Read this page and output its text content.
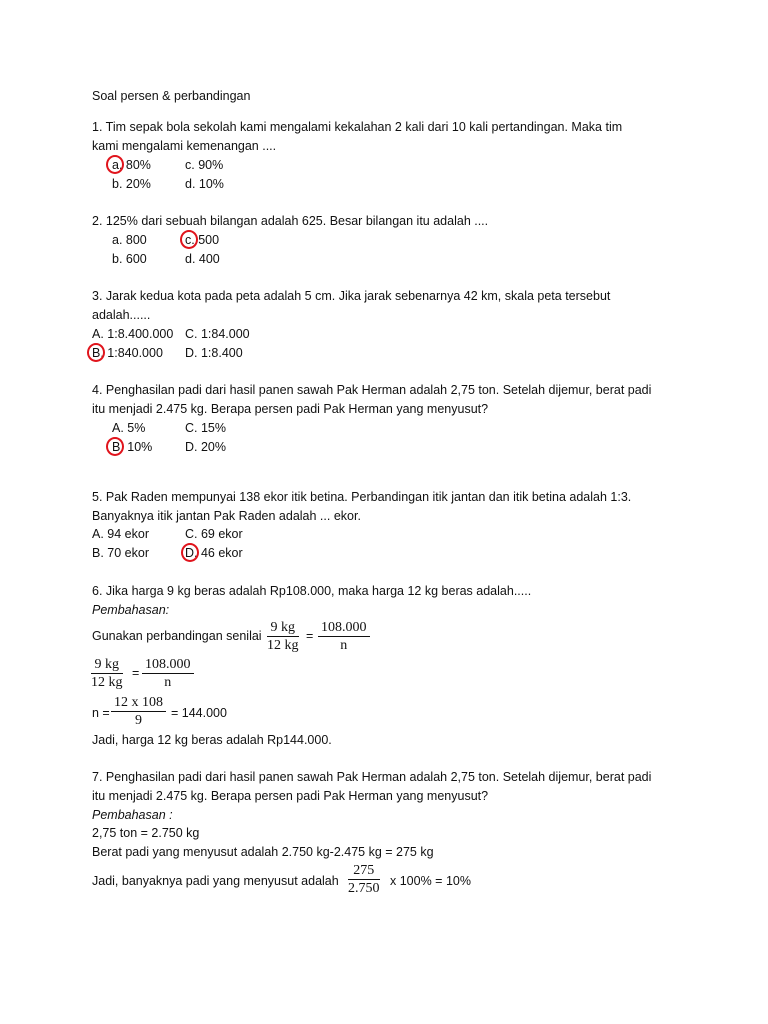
Soal persen & perbandingan
1. Tim sepak bola sekolah kami mengalami kekalahan 2 kali dari 10 kali pertandingan. Maka tim
kami mengalami kemenangan ....
a. 80%	c. 90%
b. 20%	d. 10%
2. 125% dari sebuah bilangan adalah 625. Besar bilangan itu adalah ....
a. 800	c. 500
b. 600	d. 400
3. Jarak kedua kota pada peta adalah 5 cm. Jika jarak sebenarnya 42 km, skala peta tersebut
adalah......
A. 1:8.400.000 C. 1:84.000
B. 1:840.000 D. 1:8.400
4. Penghasilan padi dari hasil panen sawah Pak Herman adalah 2,75 ton. Setelah dijemur, berat padi
itu menjadi 2.475 kg. Berapa persen padi Pak Herman yang menyusut?
A. 5%	C. 15%
B. 10%	D. 20%
5. Pak Raden mempunyai 138 ekor itik betina. Perbandingan itik jantan dan itik betina adalah 1:3.
Banyaknya itik jantan Pak Raden adalah ... ekor.
A. 94 ekor	C. 69 ekor
B. 70 ekor	D. 46 ekor
6. Jika harga 9 kg beras adalah Rp108.000, maka harga 12 kg beras adalah.....
Pembahasan:
Gunakan perbandingan senilai $\frac{9 kg}{12 kg} = \frac{108.000}{n}$
$\frac{9 kg}{12 kg} = \frac{108.000}{n}$
$n = \frac{12 x 108}{9} = 144.000$
Jadi, harga 12 kg beras adalah Rp144.000.
7. Penghasilan padi dari hasil panen sawah Pak Herman adalah 2,75 ton. Setelah dijemur, berat padi
itu menjadi 2.475 kg. Berapa persen padi Pak Herman yang menyusut?
Pembahasan :
2,75 ton = 2.750 kg
Berat padi yang menyusut adalah 2.750 kg-2.475 kg = 275 kg
Jadi, banyaknya padi yang menyusut adalah $\frac{275}{2.750}$ x 100% = 10%
